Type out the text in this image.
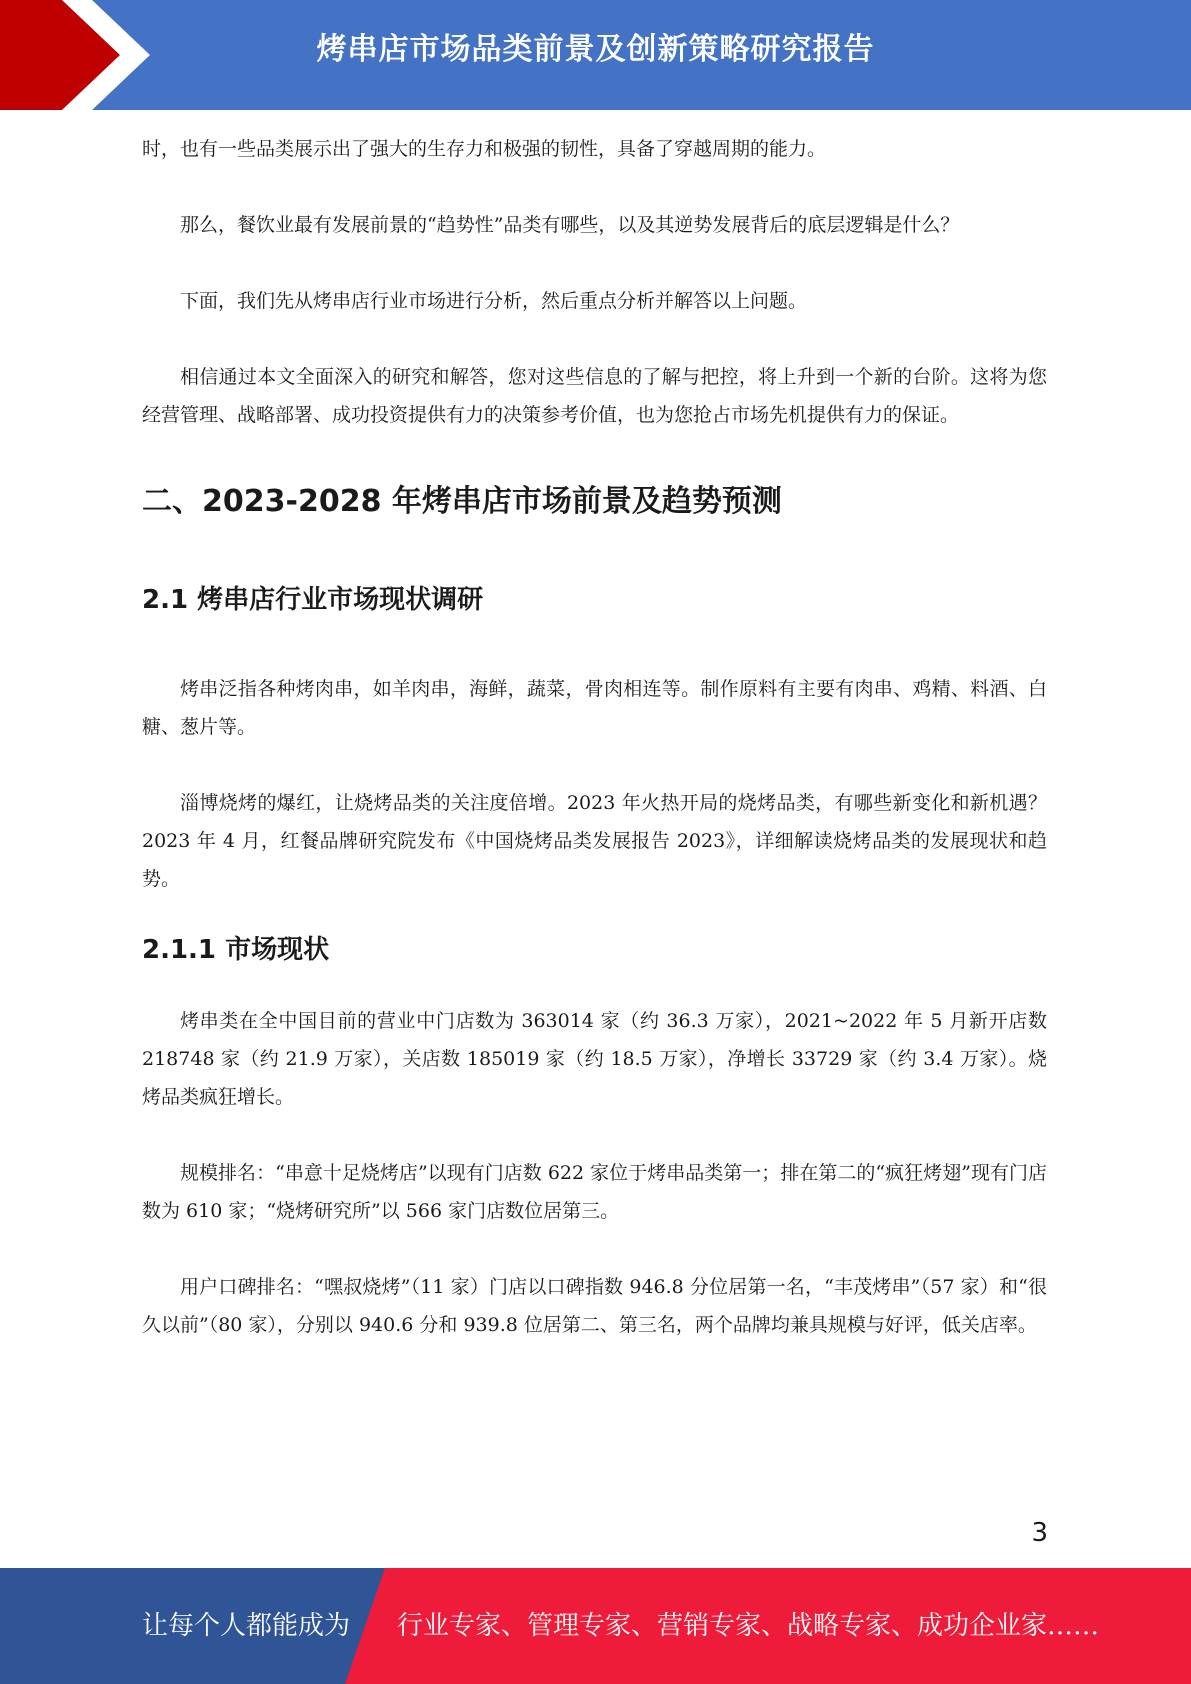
烤串店市场品类前景及创新策略研究报告

时，也有一些品类展示出了强大的生存力和极强的韧性，具备了穿越周期的能力。

那么，餐饮业最有发展前景的“趋势性”品类有哪些，以及其逆势发展背后的底层逻辑是什么？

下面，我们先从烤串店行业市场进行分析，然后重点分析并解答以上问题。

相信通过本文全面深入的研究和解答，您对这些信息的了解与把控，将上升到一个新的台阶。这将为您经营管理、战略部署、成功投资提供有力的决策参考价值，也为您抢占市场先机提供有力的保证。

二、2023-2028 年烤串店市场前景及趋势预测
2.1 烤串店行业市场现状调研

烤串泛指各种烤肉串，如羊肉串，海鲜，蔬菜，骨肉相连等。制作原料有主要有肉串、鸡精、料酒、白糖、葱片等。

淄博烧烤的爆红，让烧烤品类的关注度倍增。2023 年火热开局的烧烤品类，有哪些新变化和新机遇？2023 年 4 月，红餐品牌研究院发布《中国烧烤品类发展报告 2023》，详细解读烧烤品类的发展现状和趋势。

2.1.1 市场现状

烤串类在全中国目前的营业中门店数为 363014 家（约 36.3 万家），2021~2022 年 5 月新开店数 218748 家（约 21.9 万家），关店数 185019 家（约 18.5 万家），净增长 33729 家（约 3.4 万家）。烧烤品类疯狂增长。

规模排名：“串意十足烧烤店”以现有门店数 622 家位于烤串品类第一；排在第二的“疯狂烤翅”现有门店数为 610 家；“烧烤研究所”以 566 家门店数位居第三。

用户口碑排名：“嘿叔烧烤”（11 家）门店以口碑指数 946.8 分位居第一名，“丰茂烤串”（57 家）和“很久以前”（80 家），分别以 940.6 分和 939.8 位居第二、第三名，两个品牌均兼具规模与好评，低关店率。

3
让每个人都能成为 行业专家、管理专家、营销专家、战略专家、成功企业家……
